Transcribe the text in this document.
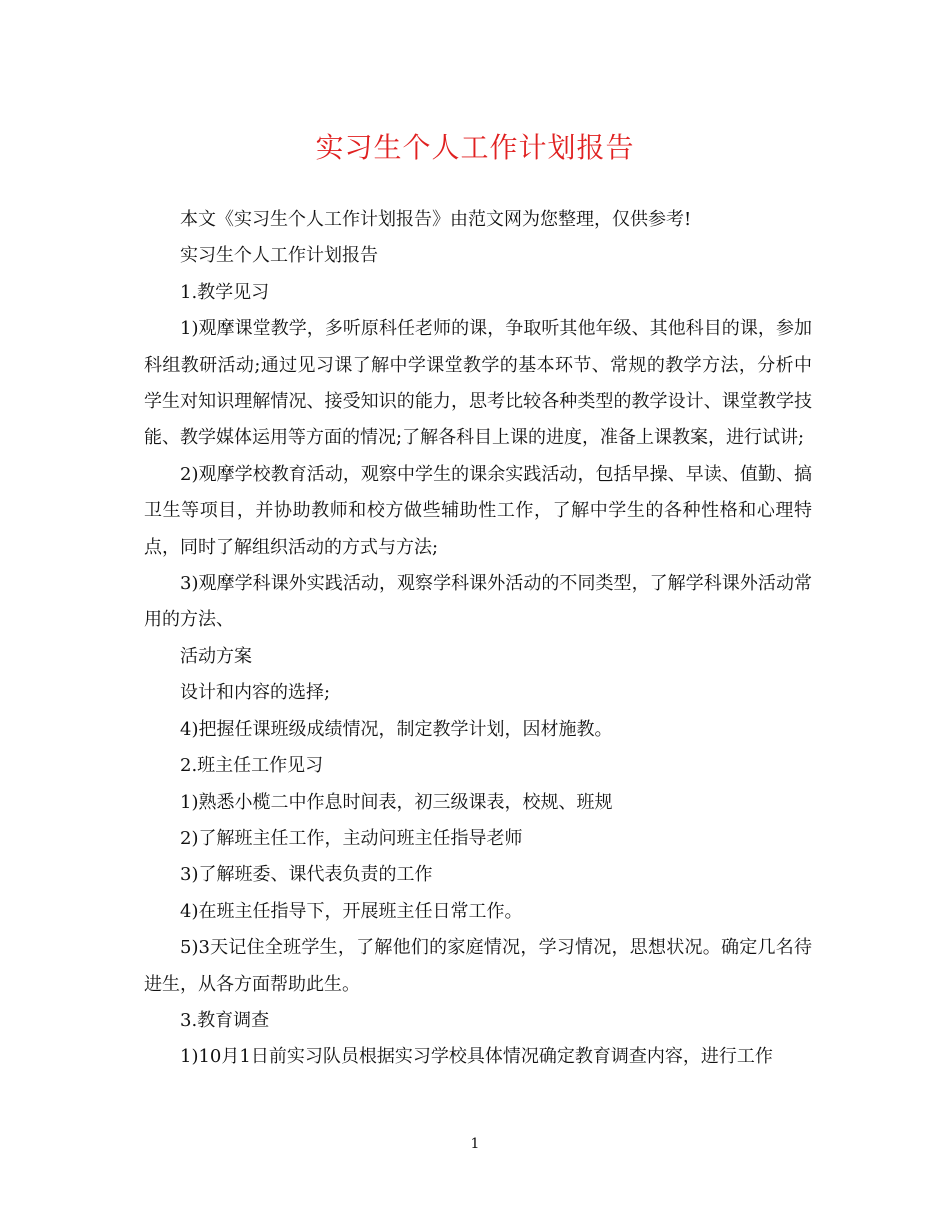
实习生个人工作计划报告

本文《实习生个人工作计划报告》由范文网为您整理，仅供参考!

实习生个人工作计划报告

1.教学见习

1)观摩课堂教学，多听原科任老师的课，争取听其他年级、其他科目的课，参加科组教研活动;通过见习课了解中学课堂教学的基本环节、常规的教学方法，分析中学生对知识理解情况、接受知识的能力，思考比较各种类型的教学设计、课堂教学技能、教学媒体运用等方面的情况;了解各科目上课的进度，准备上课教案，进行试讲;

2)观摩学校教育活动，观察中学生的课余实践活动，包括早操、早读、值勤、搞卫生等项目，并协助教师和校方做些辅助性工作，了解中学生的各种性格和心理特点，同时了解组织活动的方式与方法;

3)观摩学科课外实践活动，观察学科课外活动的不同类型，了解学科课外活动常用的方法、

活动方案

设计和内容的选择;

4)把握任课班级成绩情况，制定教学计划，因材施教。

2.班主任工作见习

1)熟悉小榄二中作息时间表，初三级课表，校规、班规

2)了解班主任工作，主动问班主任指导老师

3)了解班委、课代表负责的工作

4)在班主任指导下，开展班主任日常工作。

5)3天记住全班学生，了解他们的家庭情况，学习情况，思想状况。确定几名待进生，从各方面帮助此生。

3.教育调查

1)10月1日前实习队员根据实习学校具体情况确定教育调查内容，进行工作

1
